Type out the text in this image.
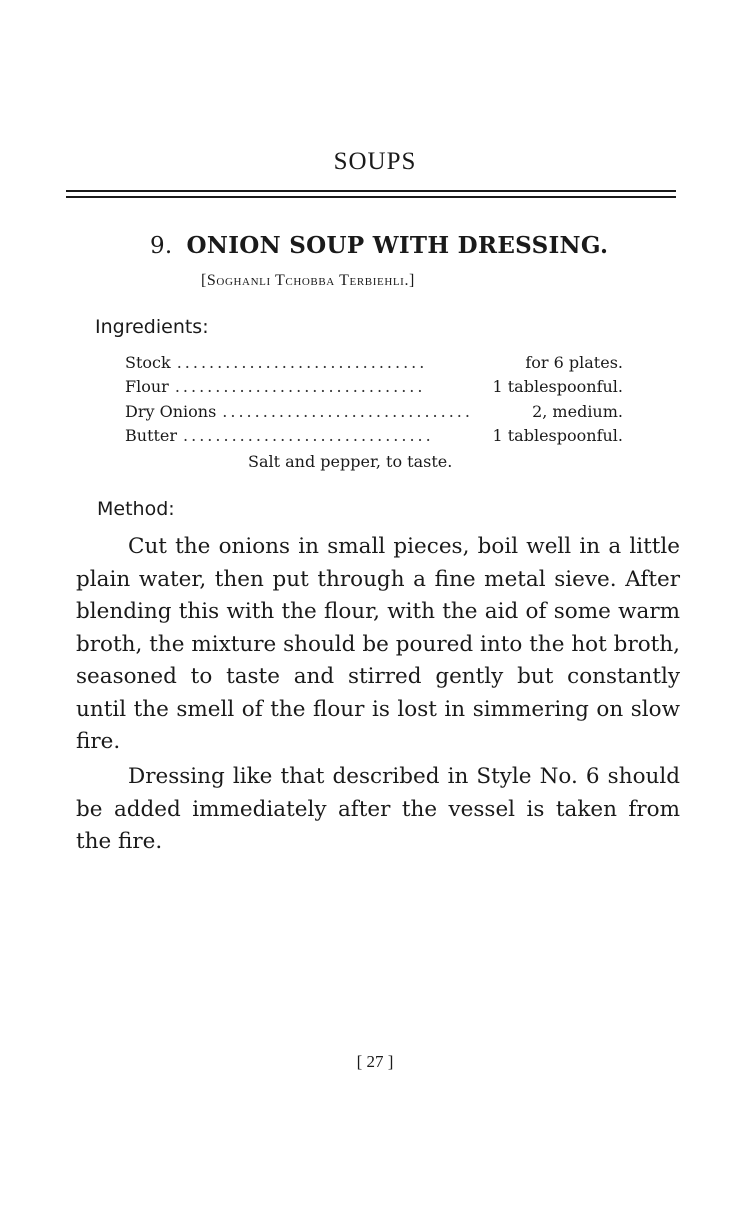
SOUPS
9. ONION SOUP WITH DRESSING.
[Soghanli Tchobba Terbiehli.]
Ingredients:
Stock ...............................	for 6 plates.
Flour ...............................	1 tablespoonful.
Dry Onions ...............................	2, medium.
Butter ...............................	1 tablespoonful.
Salt and pepper, to taste.
Method:

Cut the onions in small pieces, boil well in a little plain water, then put through a fine metal sieve. After blending this with the flour, with the aid of some warm broth, the mixture should be poured into the hot broth, seasoned to taste and stirred gently but constantly until the smell of the flour is lost in simmering on slow fire.

Dressing like that described in Style No. 6 should be added immediately after the vessel is taken from the fire.

[ 27 ]
